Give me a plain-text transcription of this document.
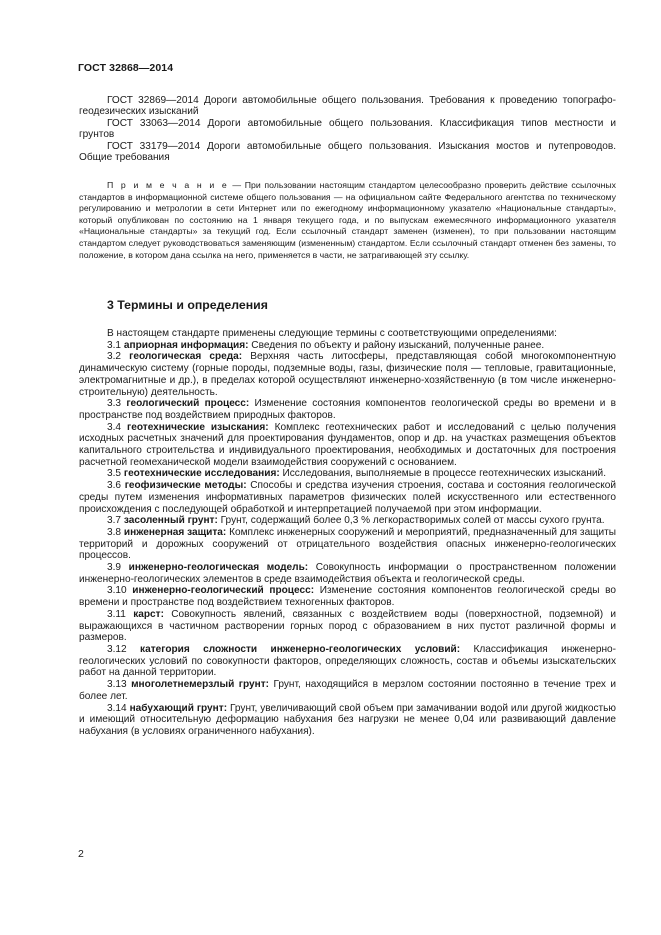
ГОСТ 32868—2014

ГОСТ 32869—2014 Дороги автомобильные общего пользования. Требования к проведению топографо-геодезических изысканий

ГОСТ 33063—2014 Дороги автомобильные общего пользования. Классификация типов местности и грунтов

ГОСТ 33179—2014 Дороги автомобильные общего пользования. Изыскания мостов и путепроводов. Общие требования

П р и м е ч а н и е — При пользовании настоящим стандартом целесообразно проверить действие ссылочных стандартов в информационной системе общего пользования — на официальном сайте Федерального агентства по техническому регулированию и метрологии в сети Интернет или по ежегодному информационному указателю «Национальные стандарты», который опубликован по состоянию на 1 января текущего года, и по выпускам ежемесячного информационного указателя «Национальные стандарты» за текущий год. Если ссылочный стандарт заменен (изменен), то при пользовании настоящим стандартом следует руководствоваться заменяющим (измененным) стандартом. Если ссылочный стандарт отменен без замены, то положение, в котором дана ссылка на него, применяется в части, не затрагивающей эту ссылку.

3 Термины и определения

В настоящем стандарте применены следующие термины с соответствующими определениями:

3.1 априорная информация: Сведения по объекту и району изысканий, полученные ранее.

3.2 геологическая среда: Верхняя часть литосферы, представляющая собой многокомпонентную динамическую систему (горные породы, подземные воды, газы, физические поля — тепловые, гравитационные, электромагнитные и др.), в пределах которой осуществляют инженерно-хозяйственную (в том числе инженерно-строительную) деятельность.

3.3 геологический процесс: Изменение состояния компонентов геологической среды во времени и в пространстве под воздействием природных факторов.

3.4 геотехнические изыскания: Комплекс геотехнических работ и исследований с целью получения исходных расчетных значений для проектирования фундаментов, опор и др. на участках размещения объектов капитального строительства и индивидуального проектирования, необходимых и достаточных для построения расчетной геомеханической модели взаимодействия сооружений с основанием.

3.5 геотехнические исследования: Исследования, выполняемые в процессе геотехнических изысканий.

3.6 геофизические методы: Способы и средства изучения строения, состава и состояния геологической среды путем изменения информативных параметров физических полей искусственного или естественного происхождения с последующей обработкой и интерпретацией получаемой при этом информации.

3.7 засоленный грунт: Грунт, содержащий более 0,3 % легкорастворимых солей от массы сухого грунта.

3.8 инженерная защита: Комплекс инженерных сооружений и мероприятий, предназначенный для защиты территорий и дорожных сооружений от отрицательного воздействия опасных инженерно-геологических процессов.

3.9 инженерно-геологическая модель: Совокупность информации о пространственном положении инженерно-геологических элементов в среде взаимодействия объекта и геологической среды.

3.10 инженерно-геологический процесс: Изменение состояния компонентов геологической среды во времени и пространстве под воздействием техногенных факторов.

3.11 карст: Совокупность явлений, связанных с воздействием воды (поверхностной, подземной) и выражающихся в частичном растворении горных пород с образованием в них пустот различной формы и размеров.

3.12 категория сложности инженерно-геологических условий: Классификация инженерно-геологических условий по совокупности факторов, определяющих сложность, состав и объемы изыскательских работ на данной территории.

3.13 многолетнемерзлый грунт: Грунт, находящийся в мерзлом состоянии постоянно в течение трех и более лет.

3.14 набухающий грунт: Грунт, увеличивающий свой объем при замачивании водой или другой жидкостью и имеющий относительную деформацию набухания без нагрузки не менее 0,04 или развивающий давление набухания (в условиях ограниченного набухания).

2
